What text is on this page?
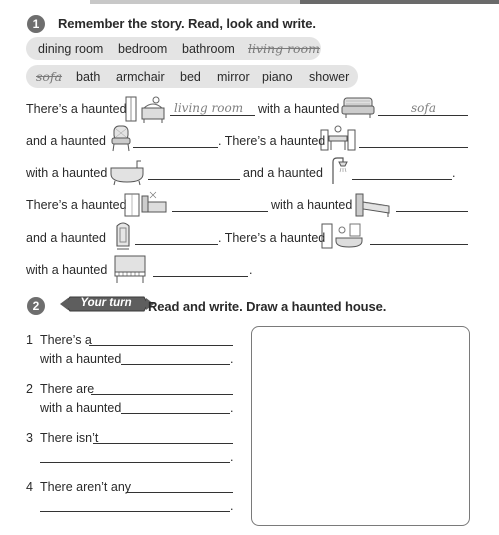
1	Remember the story. Read, look and write.
dining room bedroom bathroom living room
sofa bath armchair bed mirror piano shower
There’s a haunted	living room with a haunted	sofa
and a haunted	. There’s a haunted
with a haunted	and a haunted	.
There’s a haunted	with a haunted
and a haunted	. There’s a haunted
with a haunted	.
2	Your turn	Read and write. Draw a haunted house.
1 There’s a
with a haunted	.
2 There are
with a haunted	.
3 There isn’t
.
4 There aren’t any
.
